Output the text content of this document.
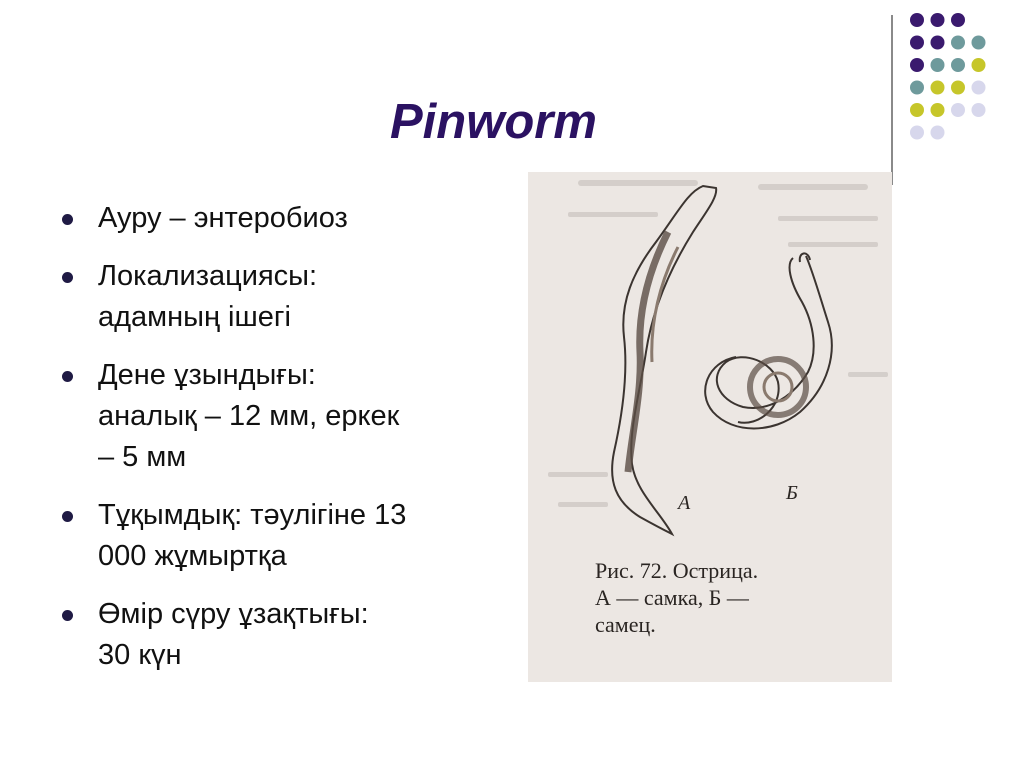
Pinworm
Ауру – энтеробиоз
Локализациясы:
адамның ішегі
Дене ұзындығы:
аналық – 12 мм, еркек
– 5 мм
Тұқымдық: тәулігіне 13
000 жұмыртқа
Өмір сүру ұзақтығы:
30 күн
А	Б
Рис. 72. Острица.
А — самка, Б —
самец.
